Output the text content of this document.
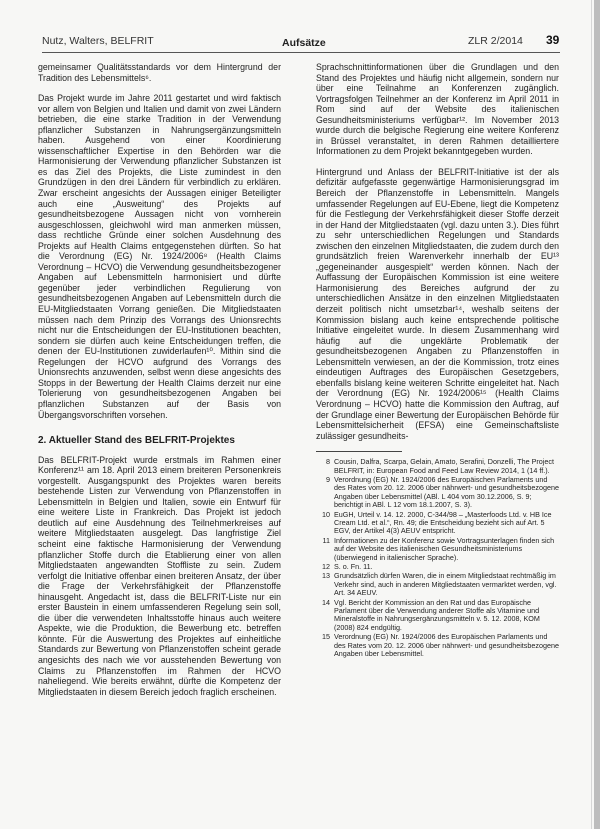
Nutz, Walters, BELFRIT	Aufsätze	ZLR 2/2014 39

gemeinsamer Qualitätsstandards vor dem Hintergrund der Tradition des Lebensmittels⁶.

Das Projekt wurde im Jahre 2011 gestartet und wird faktisch vor allem von Belgien und Italien und damit von zwei Ländern betrieben, die eine starke Tradition in der Verwendung pflanzlicher Substanzen in Nahrungsergänzungsmitteln haben. Ausgehend von einer Koordinierung wissenschaftlicher Expertise in den Behörden war die Harmonisierung der Verwendung pflanzlicher Substanzen ist es das Ziel des Projekts, die Liste zumindest in den Grundzügen in den drei Ländern für verbindlich zu erklären. Zwar erscheint angesichts der Aussagen einiger Beteiligter auch eine „Ausweitung“ des Projekts auf gesundheitsbezogene Aussagen nicht von vornherein ausgeschlossen, gleichwohl wird man anmerken müssen, dass rechtliche Gründe einer solchen Ausdehnung des Projekts auf Health Claims entgegenstehen dürften. So hat die Verordnung (EG) Nr. 1924/2006⁸ (Health Claims Verordnung – HCVO) die Verwendung gesundheitsbezogener Angaben auf Lebensmitteln harmonisiert und dürfte gegenüber jeder verbindlichen Regulierung von gesundheitsbezogenen Angaben auf Lebensmitteln durch die EU-Mitgliedstaaten Vorrang genießen. Die Mitgliedstaaten müssen nach dem Prinzip des Vorrangs des Unionsrechts nicht nur die Entscheidungen der EU-Institutionen beachten, sondern sie dürfen auch keine Entscheidungen treffen, die denen der EU-Institutionen zuwiderlaufen¹⁰. Mithin sind die Regelungen der HCVO aufgrund des Vorrangs des Unionsrechts anzuwenden, selbst wenn diese angesichts des Stopps in der Bewertung der Health Claims derzeit nur eine Tolerierung von gesundheitsbezogenen Angaben bei pflanzlichen Substanzen auf der Basis von Übergangsvorschriften vorsehen.

2. Aktueller Stand des BELFRIT-Projektes

Das BELFRIT-Projekt wurde erstmals im Rahmen einer Konferenz¹¹ am 18. April 2013 einem breiteren Personenkreis vorgestellt. Ausgangspunkt des Projektes waren bereits bestehende Listen zur Verwendung von Pflanzenstoffen in Lebensmitteln in Belgien und Italien, sowie ein Entwurf für eine weitere Liste in Frankreich. Das Projekt ist jedoch deutlich auf eine Ausdehnung des Teilnehmerkreises auf weitere Mitgliedstaaten ausgelegt. Das langfristige Ziel scheint eine faktische Harmonisierung der Verwendung pflanzlicher Stoffe durch die Etablierung einer von allen Mitgliedstaaten angewandten Stoffliste zu sein. Zudem verfolgt die Initiative offenbar einen breiteren Ansatz, der über die Frage der Verkehrsfähigkeit der Pflanzenstoffe hinausgeht. Angedacht ist, dass die BELFRIT-Liste nur ein erster Baustein in einem umfassenderen Regelung sein soll, die über die verwendeten Inhaltsstoffe hinaus auch weitere Aspekte, wie die Produktion, die Bewerbung etc. betreffen könnte. Für die Auswertung des Projektes auf einheitliche Standards zur Bewertung von Pflanzenstoffen scheint gerade angesichts des nach wie vor ausstehenden Bewertung von Claims zu Pflanzenstoffen im Rahmen der HCVO naheliegend. Wie bereits erwähnt, dürfte die Kompetenz der Mitgliedstaaten in diesem Bereich jedoch fraglich erscheinen.

Sprachschnittinformationen über die Grundlagen und den Stand des Projektes und häufig nicht allgemein, sondern nur über eine Teilnahme an Konferenzen zugänglich. Vortragsfolgen Teilnehmer an der Konferenz im April 2011 in Rom sind auf der Website des italienischen Gesundheitsministeriums verfügbar¹². Im November 2013 wurde durch die belgische Regierung eine weitere Konferenz in Brüssel veranstaltet, in deren Rahmen detailliertere Informationen zu dem Projekt bekanntgegeben wurden.

Hintergrund und Anlass der BELFRIT-Initiative ist der als defizitär aufgefasste gegenwärtige Harmonisierungsgrad im Bereich der Pflanzenstoffe in Lebensmitteln. Mangels umfassender Regelungen auf EU-Ebene, liegt die Kompetenz für die Festlegung der Verkehrsfähigkeit dieser Stoffe derzeit in der Hand der Mitgliedstaaten (vgl. dazu unten 3.). Dies führt zu sehr unterschiedlichen Regelungen und Standards zwischen den einzelnen Mitgliedstaaten, die zudem durch den grundsätzlich freien Warenverkehr innerhalb der EU¹³ „gegeneinander ausgespielt“ werden können. Nach der Auffassung der Europäischen Kommission ist eine weitere Harmonisierung des Bereiches aufgrund der zu unterschiedlichen Ansätze in den einzelnen Mitgliedstaaten derzeit politisch nicht umsetzbar¹⁴, weshalb seitens der Kommission bislang auch keine entsprechende politische Initiative eingeleitet wurde. In diesem Zusammenhang wird häufig auf die ungeklärte Problematik der gesundheitsbezogenen Angaben zu Pflanzenstoffen in Lebensmitteln verwiesen, an der die Kommission, trotz eines eindeutigen Auftrages des Europäischen Gesetzgebers, ebenfalls bislang keine weiteren Schritte eingeleitet hat. Nach der Verordnung (EG) Nr. 1924/2006¹⁵ (Health Claims Verordnung – HCVO) hatte die Kommission den Auftrag, auf der Grundlage einer Bewertung der Europäischen Behörde für Lebensmittelsicherheit (EFSA) eine Gemeinschaftsliste zulässiger gesundheits-

8 Cousin, Dalfra, Scarpa, Gelain, Amato, Serafini, Donzelli, The Project BELFRIT, in: European Food and Feed Law Review 2014, 1 (14 ff.).
9 Verordnung (EG) Nr. 1924/2006 des Europäischen Parlaments und des Rates vom 20. 12. 2006 über nährwert- und gesundheitsbezogene Angaben über Lebensmittel (ABl. L 404 vom 30.12.2006, S. 9; berichtigt in ABl. L 12 vom 18.1.2007, S. 3).
10 EuGH, Urteil v. 14. 12. 2000, C-344/98 – „Masterfoods Ltd. v. HB Ice Cream Ltd. et al.“, Rn. 49; die Entscheidung bezieht sich auf Art. 5 EGV, der Artikel 4(3) AEUV entspricht.
11 Informationen zu der Konferenz sowie Vortragsunterlagen finden sich auf der Website des italienischen Gesundheitsministeriums (überwiegend in italienischer Sprache).
12 S. o. Fn. 11.
13 Grundsätzlich dürfen Waren, die in einem Mitgliedstaat rechtmäßig im Verkehr sind, auch in anderen Mitgliedstaaten vermarktet werden, vgl. Art. 34 AEUV.
14 Vgl. Bericht der Kommission an den Rat und das Europäische Parlament über die Verwendung anderer Stoffe als Vitamine und Mineralstoffe in Nahrungsergänzungsmitteln v. 5. 12. 2008, KOM (2008) 824 endgültig.
15 Verordnung (EG) Nr. 1924/2006 des Europäischen Parlaments und des Rates vom 20. 12. 2006 über nährwert- und gesundheitsbezogene Angaben über Lebensmittel.
